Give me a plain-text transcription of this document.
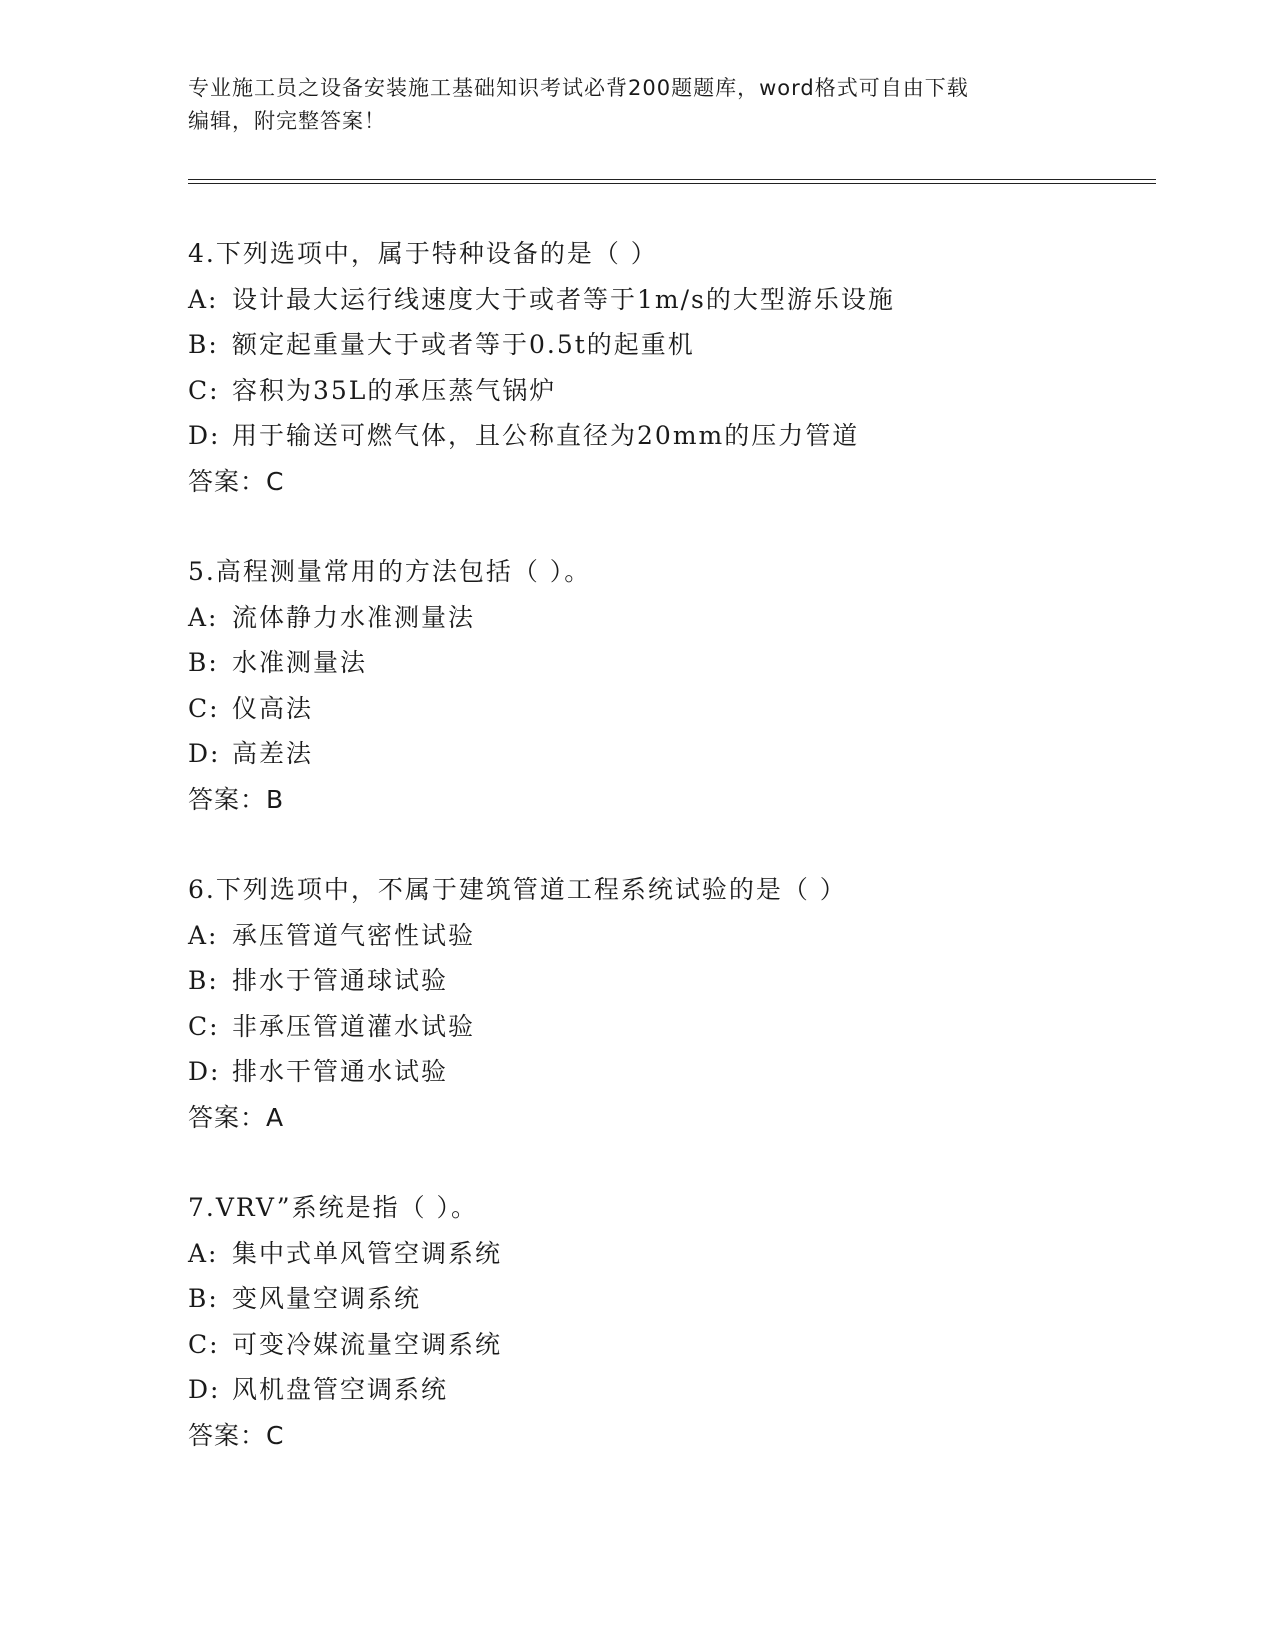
专业施工员之设备安装施工基础知识考试必背200题题库，word格式可自由下载
编辑，附完整答案！
4.下列选项中，属于特种设备的是（ ）
A: 设计最大运行线速度大于或者等于1m/s的大型游乐设施
B: 额定起重量大于或者等于0.5t的起重机
C: 容积为35L的承压蒸气锅炉
D: 用于输送可燃气体，且公称直径为20mm的压力管道
答案：C
5.高程测量常用的方法包括（ ）。
A: 流体静力水准测量法
B: 水准测量法
C: 仪高法
D: 高差法
答案：B
6.下列选项中，不属于建筑管道工程系统试验的是（ ）
A: 承压管道气密性试验
B: 排水于管通球试验
C: 非承压管道灌水试验
D: 排水干管通水试验
答案：A
7.VRV”系统是指（ ）。
A: 集中式单风管空调系统
B: 变风量空调系统
C: 可变冷媒流量空调系统
D: 风机盘管空调系统
答案：C
